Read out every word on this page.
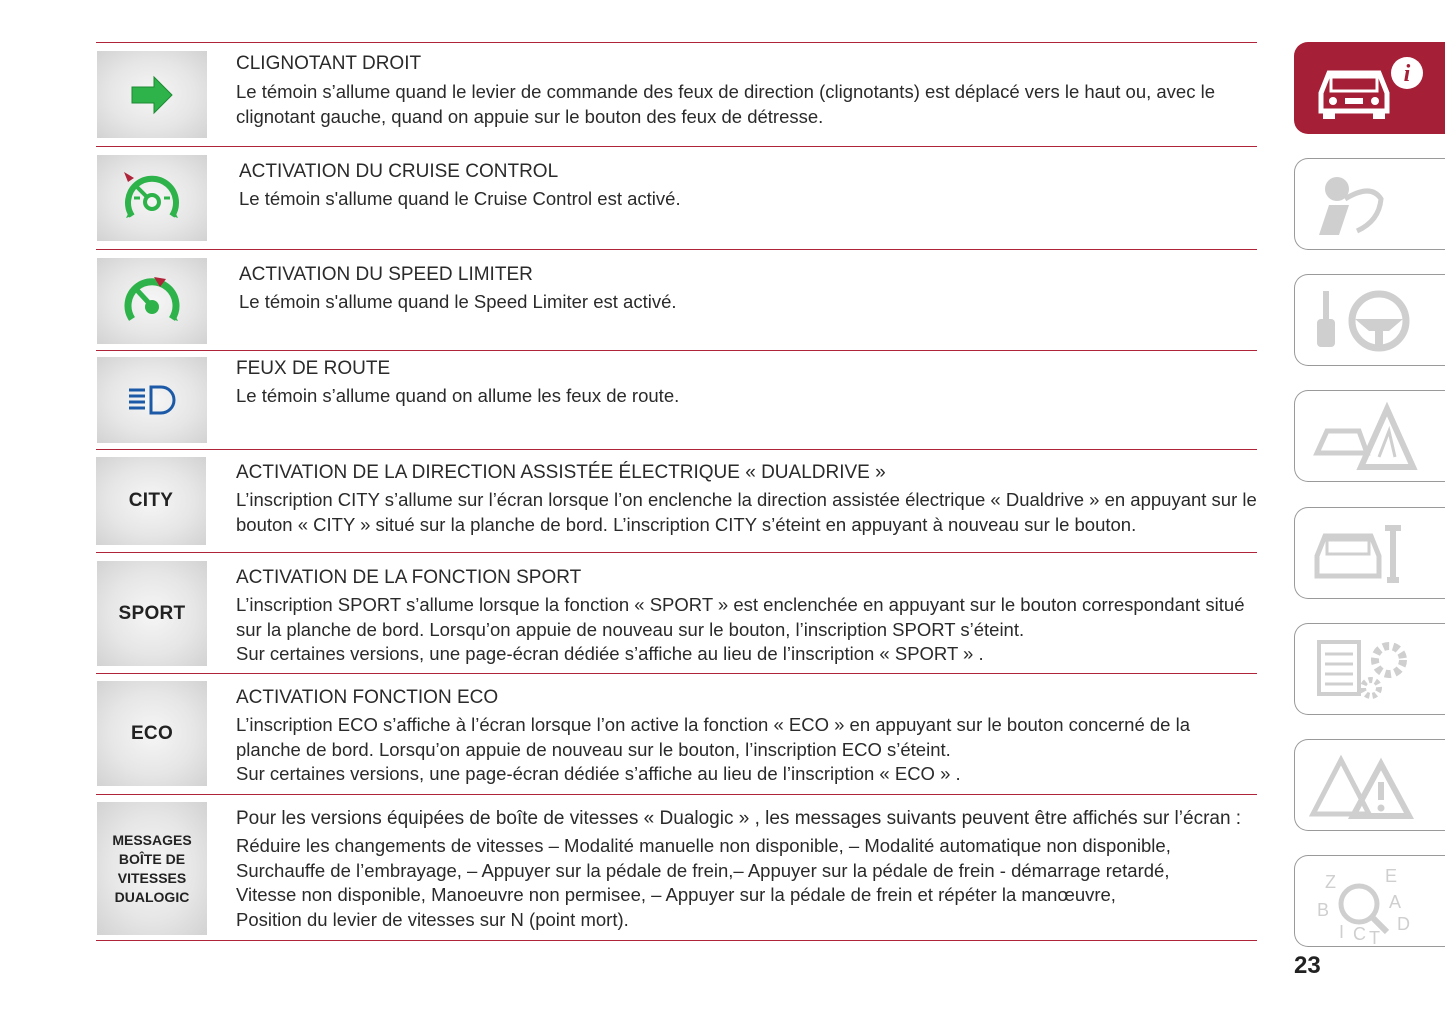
CLIGNOTANT DROIT

Le témoin s’allume quand le levier de commande des feux de direction (clignotants) est déplacé vers le haut ou, avec le

clignotant gauche, quand on appuie sur le bouton des feux de détresse.

ACTIVATION DU CRUISE CONTROL

Le témoin s'allume quand le Cruise Control est activé.

ACTIVATION DU SPEED LIMITER

Le témoin s'allume quand le Speed Limiter est activé.

FEUX DE ROUTE

Le témoin s’allume quand on allume les feux de route.

CITY
ACTIVATION DE LA DIRECTION ASSISTÉE ÉLECTRIQUE « DUALDRIVE »

L’inscription CITY s’allume sur l’écran lorsque l’on enclenche la direction assistée électrique « Dualdrive » en appuyant sur le

bouton « CITY » situé sur la planche de bord. L’inscription CITY s’éteint en appuyant à nouveau sur le bouton.

SPORT
ACTIVATION DE LA FONCTION SPORT

L’inscription SPORT s’allume lorsque la fonction « SPORT » est enclenchée en appuyant sur le bouton correspondant situé

sur la planche de bord. Lorsqu’on appuie de nouveau sur le bouton, l’inscription SPORT s’éteint.

Sur certaines versions, une page-écran dédiée s’affiche au lieu de l’inscription « SPORT » .

ECO
ACTIVATION FONCTION ECO

L’inscription ECO s’affiche à l’écran lorsque l’on active la fonction « ECO » en appuyant sur le bouton concerné de la

planche de bord. Lorsqu’on appuie de nouveau sur le bouton, l’inscription ECO s’éteint.

Sur certaines versions, une page-écran dédiée s’affiche au lieu de l’inscription « ECO » .

MESSAGES
BOÎTE DE
VITESSES
DUALOGIC
Pour les versions équipées de boîte de vitesses « Dualogic » , les messages suivants peuvent être affichés sur l’écran :

Réduire les changements de vitesses – Modalité manuelle non disponible, – Modalité automatique non disponible,

Surchauffe de l’embrayage, – Appuyer sur la pédale de frein,– Appuyer sur la pédale de frein - démarrage retardé,

Vitesse non disponible, Manoeuvre non permisee, – Appuyer sur la pédale de frein et répéter la manœuvre,

Position du levier de vitesses sur N (point mort).

i
Z	E A B I C T D
23
